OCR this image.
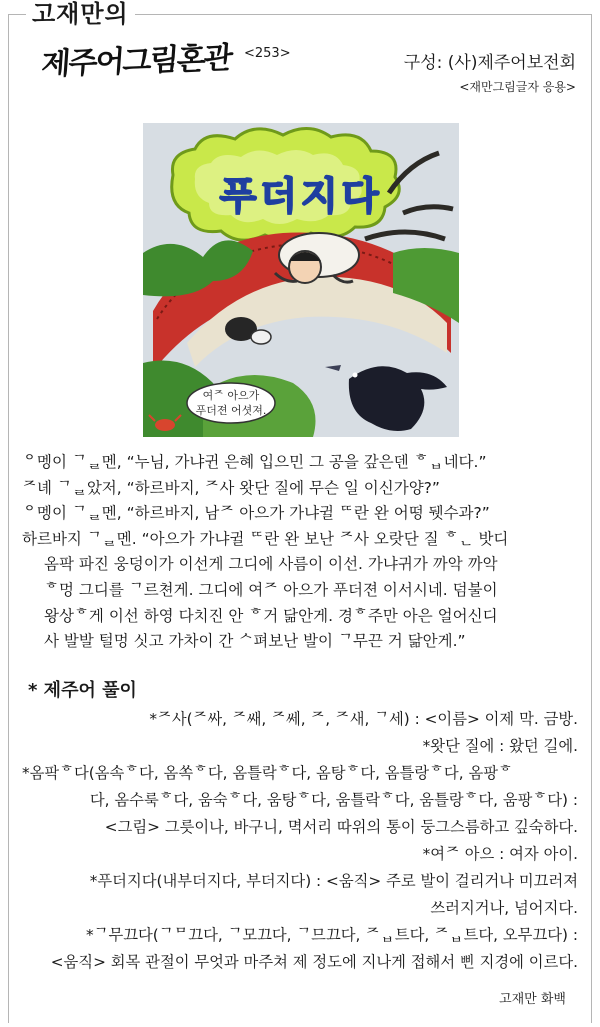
고재만의
제주어그림혼관 <253>	구성: (사)제주어보전회
<재만그림글자 응용>
푸더지다
여ᄌ 아으가
푸더젼 어셧져.

ᄋ멩이 ᄀᆯ멘, “누님, 가냐귄 은혜 입으민 그 공을 갚은덴 ᄒᆸ네다.”

ᄌ녜 ᄀᆯ았저, “하르바지, ᄌ사 왓단 질에 무슨 일 이신가양?”

ᄋ멩이 ᄀᆯ멘, “하르바지, 남ᄌ 아으가 가냐귈 ᄄ란 완 어떵 뒛수과?”

하르바지 ᄀᆯ멘. “아으가 가냐귈 ᄄ란 완 보난 ᄌ사 오랏단 질 ᄒᆫ 밧디

옴팍 파진 웅덩이가 이선게 그디에 사름이 이선. 가냐귀가 까악 까악

ᄒ멍 그디를 ᄀ르쳔게. 그디에 여ᄌ 아으가 푸더젼 이서시네. 덤불이

왕상ᄒ게 이선 하영 다치진 안 ᄒ거 닮안게. 경ᄒ주만 아은 얼어신디

사 발발 털멍 싯고 가차이 간 ᄉ펴보난 발이 ᄀ무끈 거 닮안게.”

* 제주어 풀이

*ᄌ사(ᄌ싸, ᄌ쌔, ᄌ쎄, ᄌ, ᄌ새, ᄀ세) : <이름> 이제 막. 금방.

*왓단 질에 : 왔던 길에.

*옴팍ᄒ다(옴속ᄒ다, 옴쏙ᄒ다, 옴틀락ᄒ다, 옴탕ᄒ다, 옴틀랑ᄒ다, 옴팡ᄒ

다, 옴수룩ᄒ다, 움숙ᄒ다, 움탕ᄒ다, 움틀락ᄒ다, 움틀랑ᄒ다, 움팡ᄒ다) :

<그림> 그릇이나, 바구니, 멱서리 따위의 통이 둥그스름하고 깊숙하다.

*여ᄌ 아으 : 여자 아이.

*푸더지다(내부더지다, 부더지다) : <움직> 주로 발이 걸리거나 미끄러져

쓰러지거나, 넘어지다.

*ᄀ무끄다(ᄀᄆ끄다, ᄀ모끄다, ᄀ므끄다, ᄌᆸ트다, ᄌᆸ트다, 오무끄다) :

<움직> 회목 관절이 무엇과 마주쳐 제 정도에 지나게 접해서 삔 지경에 이르다.

고재만 화백
